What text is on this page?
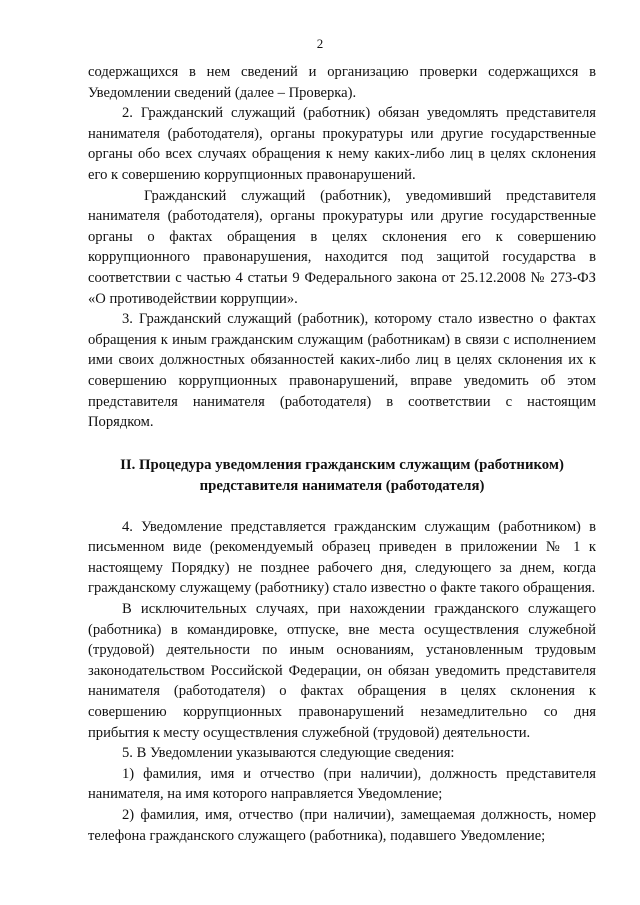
2

содержащихся в нем сведений и организацию проверки содержащихся в Уведомлении сведений (далее – Проверка).

2. Гражданский служащий (работник) обязан уведомлять представителя нанимателя (работодателя), органы прокуратуры или другие государственные органы обо всех случаях обращения к нему каких-либо лиц в целях склонения его к совершению коррупционных правонарушений.

Гражданский служащий (работник), уведомивший представителя нанимателя (работодателя), органы прокуратуры или другие государственные органы о фактах обращения в целях склонения его к совершению коррупционного правонарушения, находится под защитой государства в соответствии с частью 4 статьи 9 Федерального закона от 25.12.2008 № 273-ФЗ «О противодействии коррупции».

3. Гражданский служащий (работник), которому стало известно о фактах обращения к иным гражданским служащим (работникам) в связи с исполнением ими своих должностных обязанностей каких-либо лиц в целях склонения их к совершению коррупционных правонарушений, вправе уведомить об этом представителя нанимателя (работодателя) в соответствии с настоящим Порядком.

II. Процедура уведомления гражданским служащим (работником)
представителя нанимателя (работодателя)

4. Уведомление представляется гражданским служащим (работником) в письменном виде (рекомендуемый образец приведен в приложении № 1 к настоящему Порядку) не позднее рабочего дня, следующего за днем, когда гражданскому служащему (работнику) стало известно о факте такого обращения.

В исключительных случаях, при нахождении гражданского служащего (работника) в командировке, отпуске, вне места осуществления служебной (трудовой) деятельности по иным основаниям, установленным трудовым законодательством Российской Федерации, он обязан уведомить представителя нанимателя (работодателя) о фактах обращения в целях склонения к совершению коррупционных правонарушений незамедлительно со дня прибытия к месту осуществления служебной (трудовой) деятельности.

5. В Уведомлении указываются следующие сведения:

1) фамилия, имя и отчество (при наличии), должность представителя нанимателя, на имя которого направляется Уведомление;

2) фамилия, имя, отчество (при наличии), замещаемая должность, номер телефона гражданского служащего (работника), подавшего Уведомление;
